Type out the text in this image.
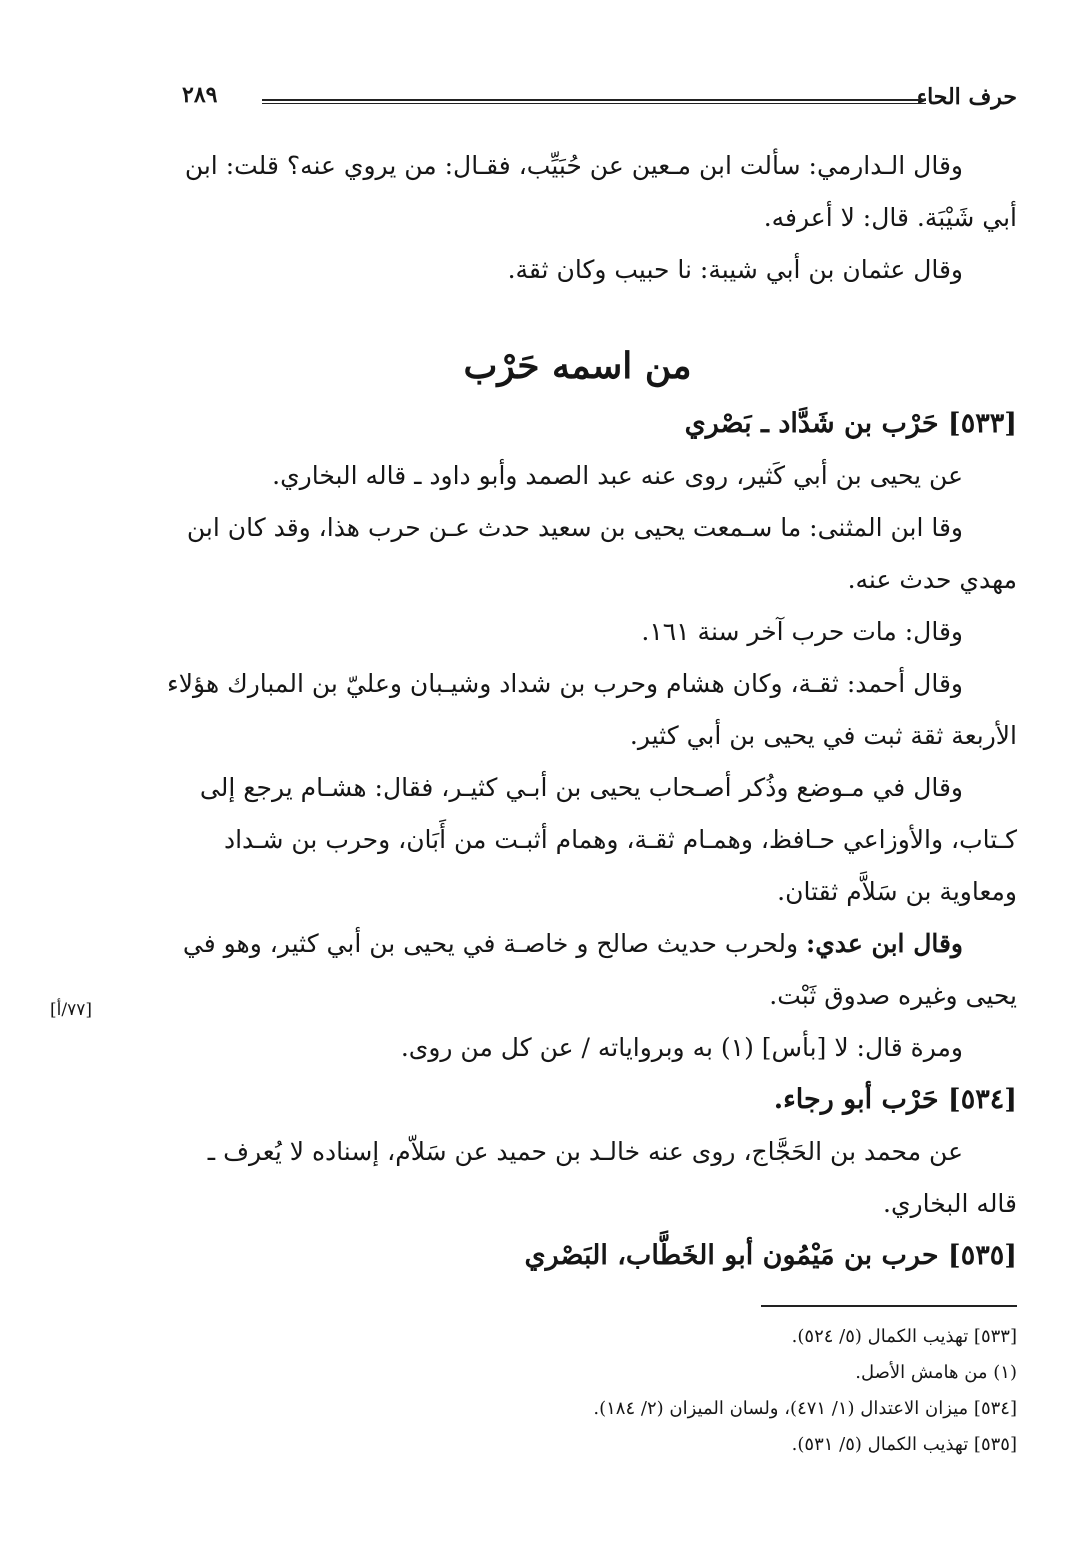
حرف الحاء
٢٨٩
وقال الـدارمي: سألت ابن مـعين عن حُبَيِّب، فقـال: من يروي عنه؟ قلت: ابن
أبي شَيْبَة. قال: لا أعرفه.
وقال عثمان بن أبي شيبة: نا حبيب وكان ثقة.
من اسمه حَرْب
[٥٣٣] حَرْب بن شَدَّاد ـ بَصْري
عن يحيى بن أبي كَثير، روى عنه عبد الصمد وأبو داود ـ قاله البخاري.
وقا ابن المثنى: ما سـمعت يحيى بن سعيد حدث عـن حرب هذا، وقد كان ابن
مهدي حدث عنه.
وقال: مات حرب آخر سنة ١٦١.
وقال أحمد: ثقـة، وكان هشام وحرب بن شداد وشيـبان وعليّ بن المبارك هؤلاء
الأربعة ثقة ثبت في يحيى بن أبي كثير.
وقال في مـوضع وذُكر أصـحاب يحيى بن أبـي كثيـر، فقال: هشـام يرجع إلى
كـتاب، والأوزاعي حـافظ، وهمـام ثقـة، وهمام أثبـت من أَبَان، وحرب بن شـداد
ومعاوية بن سَلاَّم ثقتان.
وقال ابن عدي: ولحرب حديث صالح و خاصـة في يحيى بن أبي كثير، وهو في
يحيى وغيره صدوق ثَبْت.
ومرة قال: لا [بأس] (١) به وبرواياته / عن كل من روى.
[٥٣٤] حَرْب أبو رجاء.
عن محمد بن الحَجَّاج، روى عنه خالـد بن حميد عن سَلاّم، إسناده لا يُعرف ـ
قاله البخاري.
[٥٣٥] حرب بن مَيْمُون أبو الخَطَّاب، البَصْري
[٧٧/أ]
[٥٣٣] تهذيب الكمال (٥/ ٥٢٤).
(١) من هامش الأصل.
[٥٣٤] ميزان الاعتدال (١/ ٤٧١)، ولسان الميزان (٢/ ١٨٤).
[٥٣٥] تهذيب الكمال (٥/ ٥٣١).
